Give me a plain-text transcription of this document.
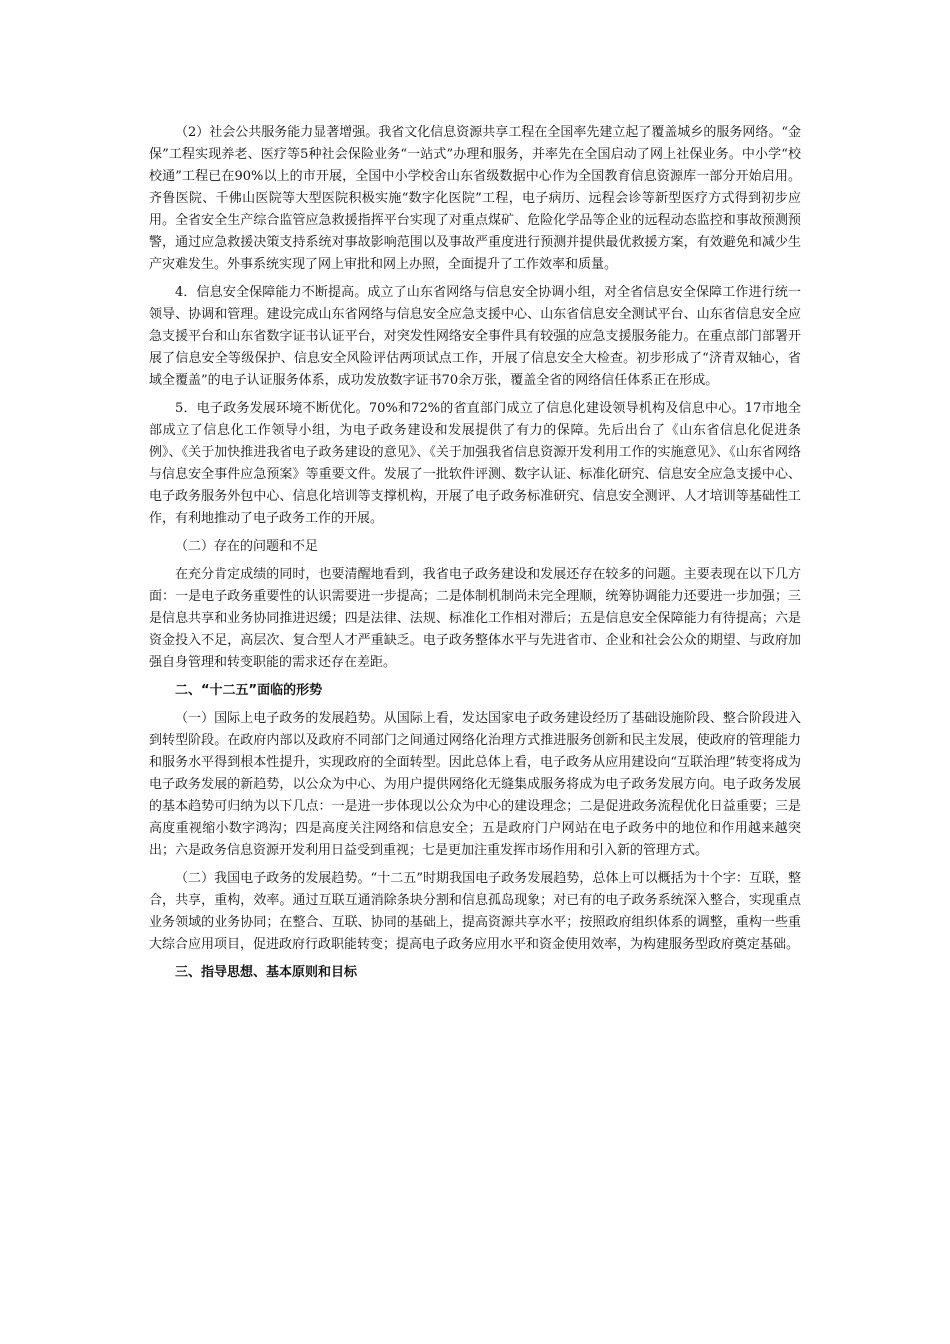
（2）社会公共服务能力显著增强。我省文化信息资源共享工程在全国率先建立起了覆盖城乡的服务网络。“金保”工程实现养老、医疗等5种社会保险业务“一站式”办理和服务，并率先在全国启动了网上社保业务。中小学“校校通”工程已在90%以上的市开展，全国中小学校舍山东省级数据中心作为全国教育信息资源库一部分开始启用。齐鲁医院、千佛山医院等大型医院积极实施“数字化医院”工程，电子病历、远程会诊等新型医疗方式得到初步应用。全省安全生产综合监管应急救援指挥平台实现了对重点煤矿、危险化学品等企业的远程动态监控和事故预测预警，通过应急救援决策支持系统对事故影响范围以及事故严重度进行预测并提供最优救援方案，有效避免和减少生产灾难发生。外事系统实现了网上审批和网上办照，全面提升了工作效率和质量。

4．信息安全保障能力不断提高。成立了山东省网络与信息安全协调小组，对全省信息安全保障工作进行统一领导、协调和管理。建设完成山东省网络与信息安全应急支援中心、山东省信息安全测试平台、山东省信息安全应急支援平台和山东省数字证书认证平台，对突发性网络安全事件具有较强的应急支援服务能力。在重点部门部署开展了信息安全等级保护、信息安全风险评估两项试点工作，开展了信息安全大检查。初步形成了“济青双轴心，省域全覆盖”的电子认证服务体系，成功发放数字证书70余万张，覆盖全省的网络信任体系正在形成。

5．电子政务发展环境不断优化。70%和72%的省直部门成立了信息化建设领导机构及信息中心。17市地全部成立了信息化工作领导小组，为电子政务建设和发展提供了有力的保障。先后出台了《山东省信息化促进条例》、《关于加快推进我省电子政务建设的意见》、《关于加强我省信息资源开发利用工作的实施意见》、《山东省网络与信息安全事件应急预案》等重要文件。发展了一批软件评测、数字认证、标准化研究、信息安全应急支援中心、电子政务服务外包中心、信息化培训等支撑机构，开展了电子政务标准研究、信息安全测评、人才培训等基础性工作，有利地推动了电子政务工作的开展。

（二）存在的问题和不足

在充分肯定成绩的同时，也要清醒地看到，我省电子政务建设和发展还存在较多的问题。主要表现在以下几方面：一是电子政务重要性的认识需要进一步提高；二是体制机制尚未完全理顺，统筹协调能力还要进一步加强；三是信息共享和业务协同推进迟缓；四是法律、法规、标准化工作相对滞后；五是信息安全保障能力有待提高；六是资金投入不足，高层次、复合型人才严重缺乏。电子政务整体水平与先进省市、企业和社会公众的期望、与政府加强自身管理和转变职能的需求还存在差距。

二、“十二五”面临的形势

（一）国际上电子政务的发展趋势。从国际上看，发达国家电子政务建设经历了基础设施阶段、整合阶段进入到转型阶段。在政府内部以及政府不同部门之间通过网络化治理方式推进服务创新和民主发展，使政府的管理能力和服务水平得到根本性提升，实现政府的全面转型。因此总体上看，电子政务从应用建设向“互联治理”转变将成为电子政务发展的新趋势，以公众为中心、为用户提供网络化无缝集成服务将成为电子政务发展方向。电子政务发展的基本趋势可归纳为以下几点：一是进一步体现以公众为中心的建设理念；二是促进政务流程优化日益重要；三是高度重视缩小数字鸿沟；四是高度关注网络和信息安全；五是政府门户网站在电子政务中的地位和作用越来越突出；六是政务信息资源开发利用日益受到重视；七是更加注重发挥市场作用和引入新的管理方式。

（二）我国电子政务的发展趋势。“十二五”时期我国电子政务发展趋势，总体上可以概括为十个字：互联，整合，共享，重构，效率。通过互联互通消除条块分割和信息孤岛现象；对已有的电子政务系统深入整合，实现重点业务领域的业务协同；在整合、互联、协同的基础上，提高资源共享水平；按照政府组织体系的调整，重构一些重大综合应用项目，促进政府行政职能转变；提高电子政务应用水平和资金使用效率，为构建服务型政府奠定基础。

三、指导思想、基本原则和目标
